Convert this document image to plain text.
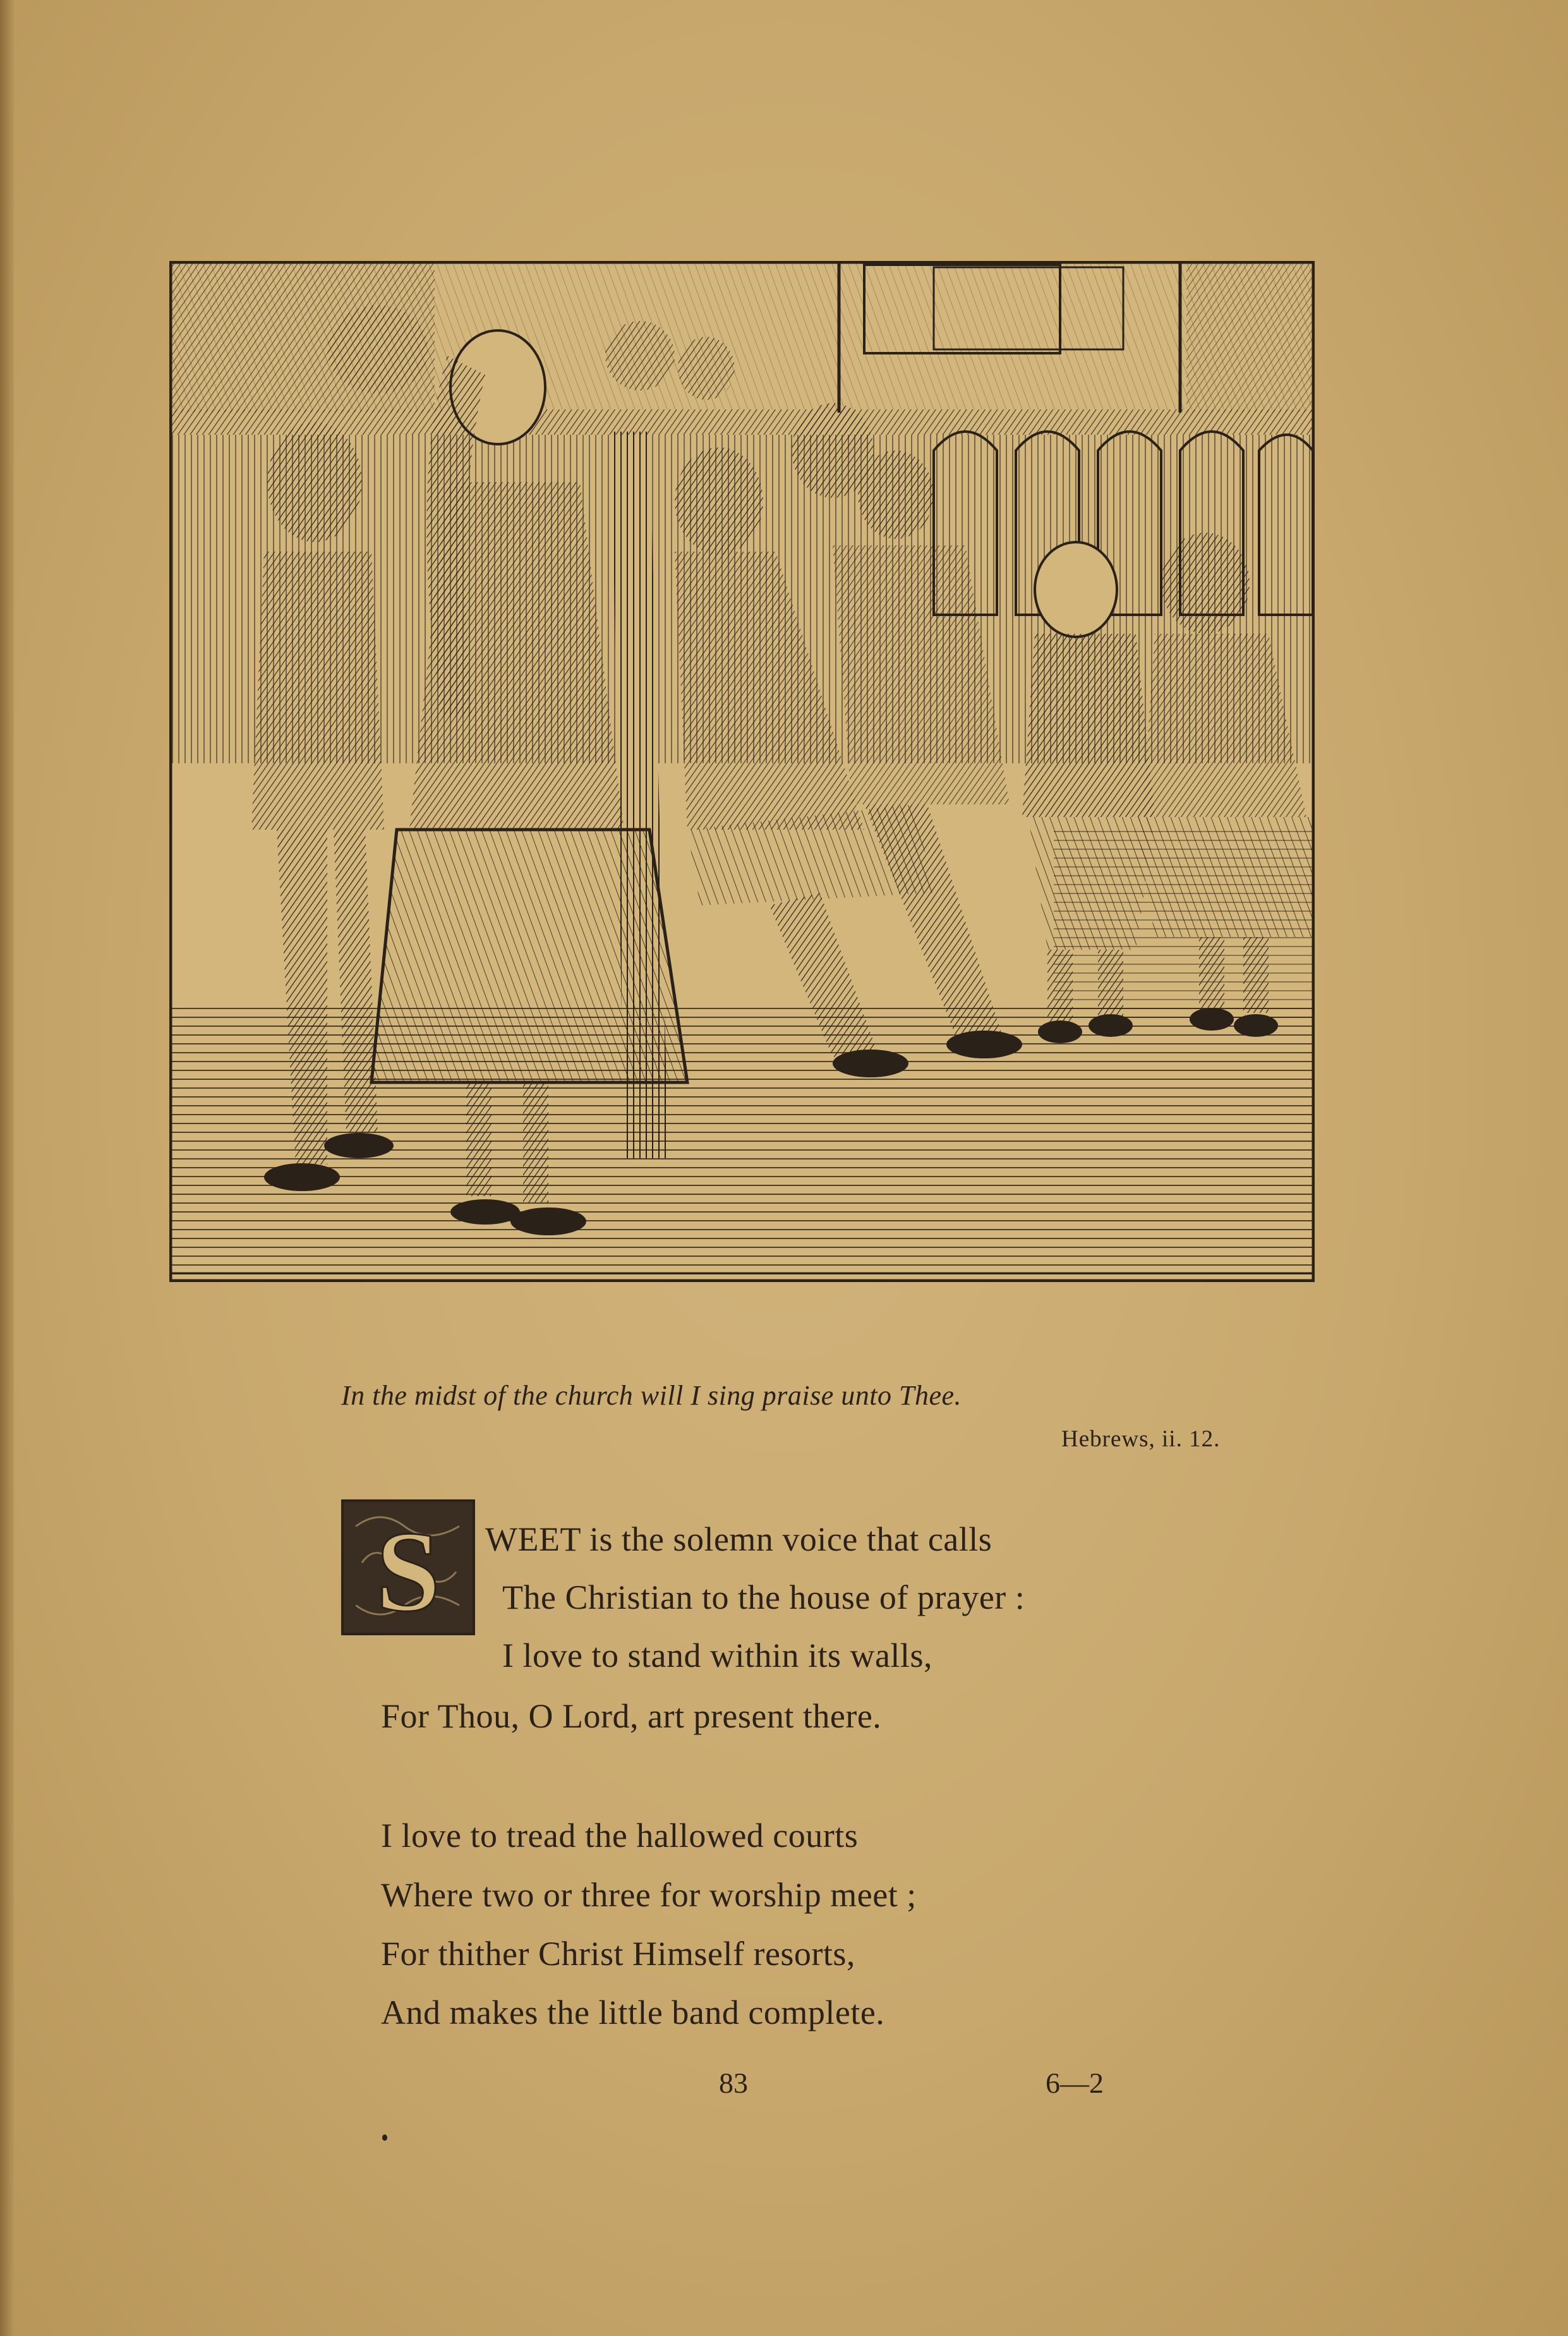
In the midst of the church will I sing praise unto Thee.
Hebrews, ii. 12.
S WEET is the solemn voice that calls
The Christian to the house of prayer :
I love to stand within its walls,
For Thou, O Lord, art present there.
I love to tread the hallowed courts
Where two or three for worship meet ;
For thither Christ Himself resorts,
And makes the little band complete.
83	6—2
